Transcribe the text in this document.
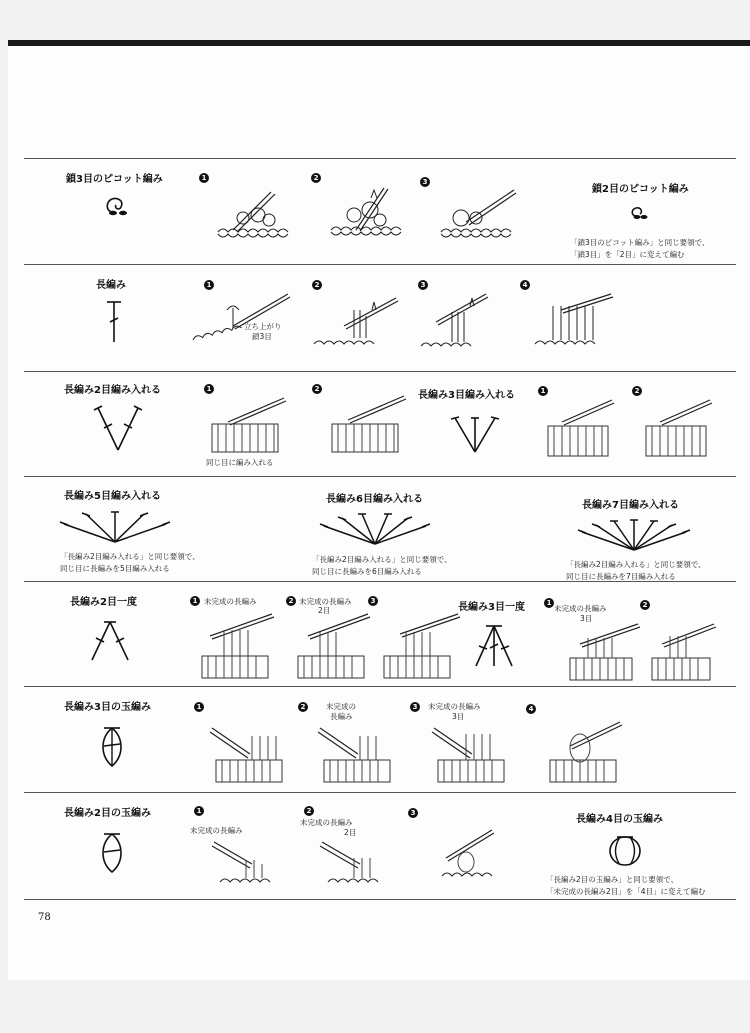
鎖3目のピコット編み	1	2	3
鎖2目のピコット編み
「鎖3目のピコット編み」と同じ要領で、
「鎖3目」を「2目」に変えて編む
長編み	1
立ち上がり
鎖3目
2	3	4
長編み2目編み入れる	1
同じ目に編み入れる
2
長編み3目編み入れる	1	2
長編み5目編み入れる
「長編み2目編み入れる」と同じ要領で、
同じ目に長編みを5目編み入れる
長編み6目編み入れる
「長編み2目編み入れる」と同じ要領で、
同じ目に長編みを6目編み入れる
長編み7目編み入れる
「長編み2目編み入れる」と同じ要領で、
同じ目に長編みを7目編み入れる
長編み2目一度	1 未完成の長編み	2 未完成の長編み
2目
3
長編み3目一度	1
未完成の長編み
3目
2
長編み3目の玉編み	1	2	未完成の
長編み
3	未完成の長編み
3目
4
長編み2目の玉編み	1
未完成の長編み
2
未完成の長編み
2目
3
長編み4目の玉編み
「長編み2目の玉編み」と同じ要領で、
「未完成の長編み2目」を「4目」に変えて編む
78
